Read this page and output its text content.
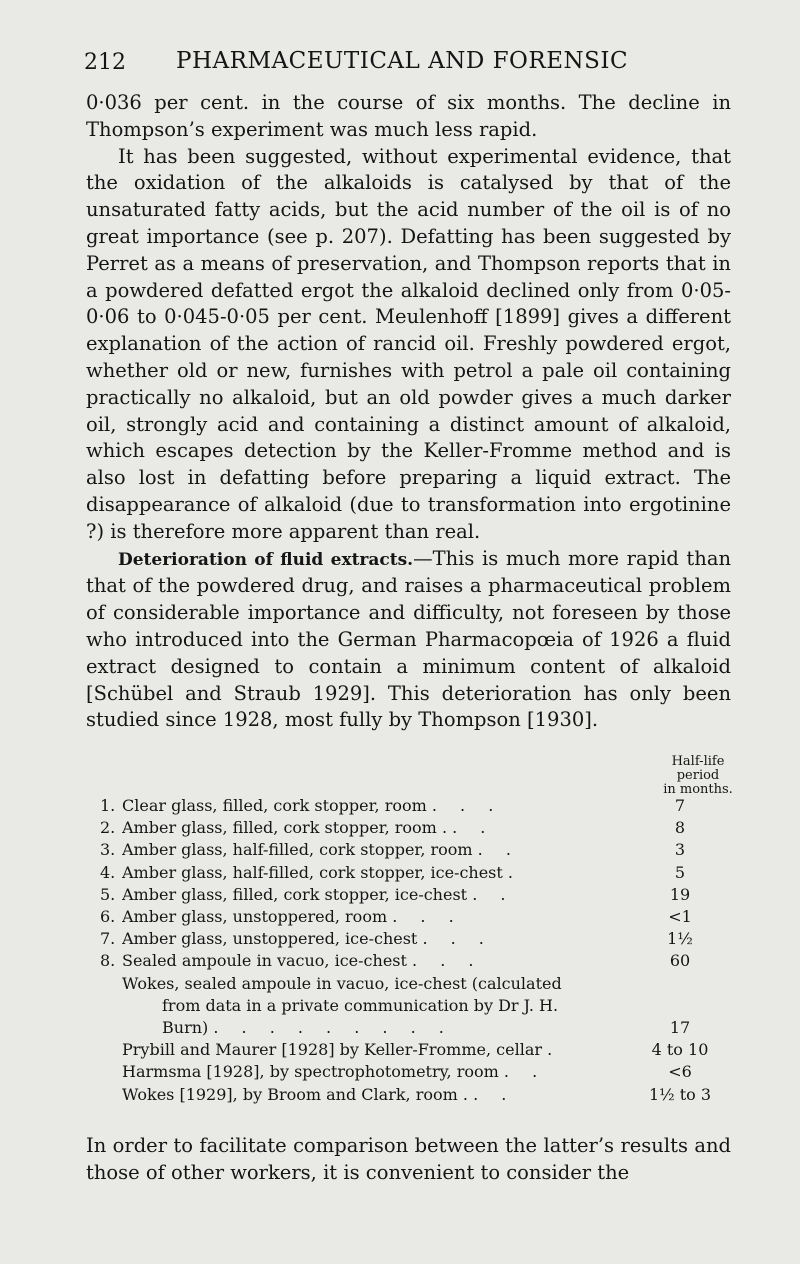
212 PHARMACEUTICAL AND FORENSIC

0·036 per cent. in the course of six months. The decline in Thompson’s experiment was much less rapid.

It has been suggested, without experimental evidence, that the oxidation of the alkaloids is catalysed by that of the unsaturated fatty acids, but the acid number of the oil is of no great importance (see p. 207). Defatting has been suggested by Perret as a means of preservation, and Thompson reports that in a powdered defatted ergot the alkaloid declined only from 0·05-0·06 to 0·045-0·05 per cent. Meulenhoff [1899] gives a different explanation of the action of rancid oil. Freshly powdered ergot, whether old or new, furnishes with petrol a pale oil containing practically no alkaloid, but an old powder gives a much darker oil, strongly acid and containing a distinct amount of alkaloid, which escapes detection by the Keller-Fromme method and is also lost in defatting before preparing a liquid extract. The disappearance of alkaloid (due to transformation into ergotinine ?) is therefore more apparent than real.

Deterioration of fluid extracts.—This is much more rapid than that of the powdered drug, and raises a pharmaceutical problem of considerable importance and difficulty, not foreseen by those who introduced into the German Pharmacopœia of 1926 a fluid extract designed to contain a minimum content of alkaloid [Schübel and Straub 1929]. This deterioration has only been studied since 1928, most fully by Thompson [1930].

Half-life
period
in months.
1. Clear glass, filled, cork stopper, room . . .	7
2. Amber glass, filled, cork stopper, room . . .	8
3. Amber glass, half-filled, cork stopper, room . .	3
4. Amber glass, half-filled, cork stopper, ice-chest .	5
5. Amber glass, filled, cork stopper, ice-chest . .	19
6. Amber glass, unstoppered, room . . .	<1
7. Amber glass, unstoppered, ice-chest . . .	1½
8. Sealed ampoule in vacuo, ice-chest . . .	60
Wokes, sealed ampoule in vacuo, ice-chest (calculated
from data in a private communication by Dr J. H.
Burn) . . . . . . . . .	17
Prybill and Maurer [1928] by Keller-Fromme, cellar .	4 to 10
Harmsma [1928], by spectrophotometry, room . .	<6
Wokes [1929], by Broom and Clark, room . . .	1½ to 3

In order to facilitate comparison between the latter’s results and those of other workers, it is convenient to consider the
